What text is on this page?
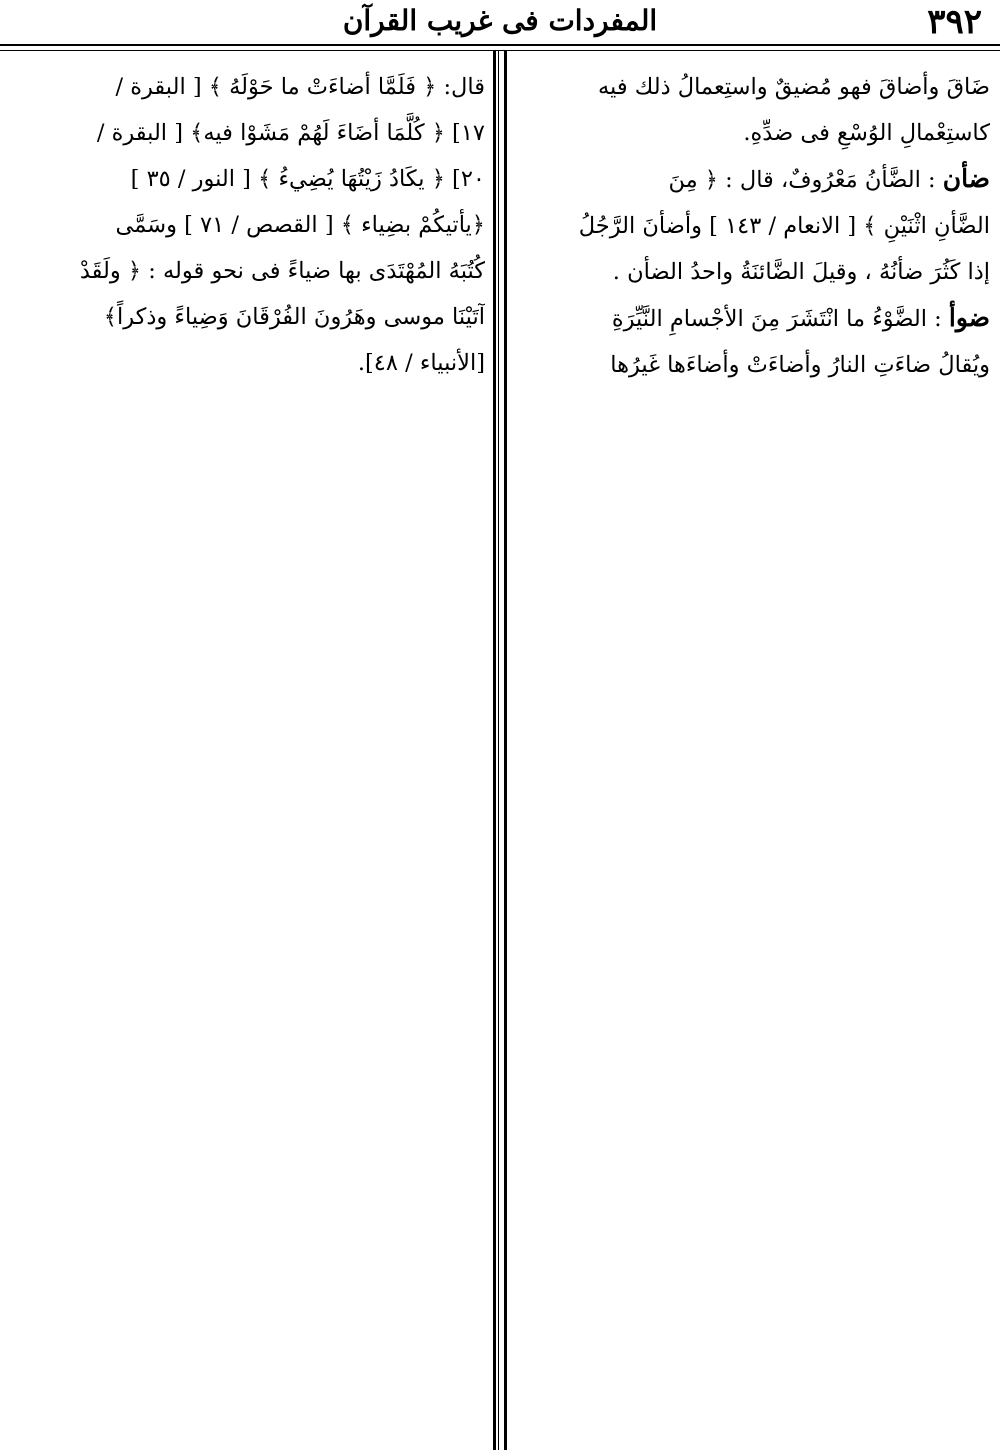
٣٩٢
المفردات فى غريب القرآن
ضَاقَ وأضاقَ فهو مُضيقٌ واستِعمالُ ذلك فيه
كاستِعْمالِ الوُسْعِ فى ضدِّهِ.
ضأن : الضَّأنُ مَعْرُوفٌ، قال : ﴿ مِنَ
الضَّأنِ اثْنَيْنِ ﴾ [ الانعام / ١٤٣ ] وأضأنَ الرَّجُلُ
إذا كَثُرَ ضأنُهُ ، وقيلَ الضَّائنَةُ واحدُ الضأن .
ضوأ : الضَّوْءُ ما انْتَشَرَ مِنَ الأجْسامِ النَّيِّرَةِ
ويُقالُ ضاءَتِ النارُ وأضاءَتْ وأضاءَها غَيرُها
قال: ﴿ فَلَمَّا أضاءَتْ ما حَوْلَهُ ﴾ [ البقرة /
١٧] ﴿ كُلَّمَا أضَاءَ لَهُمْ مَشَوْا فيه﴾ [ البقرة /
٢٠] ﴿ يكَادُ زَيْتُهَا يُضِيءُ ﴾ [ النور / ٣٥ ]
﴿يأتيكُمْ بضِياء ﴾ [ القصص / ٧١ ] وسَمَّى
كُتُبَهُ المُهْتَدَى بها ضياءً فى نحو قوله : ﴿ ولَقَدْ
آتَيْنَا موسى وهَرُونَ الفُرْقَانَ وَضِياءً وذكراً﴾
[الأنبياء / ٤٨].
